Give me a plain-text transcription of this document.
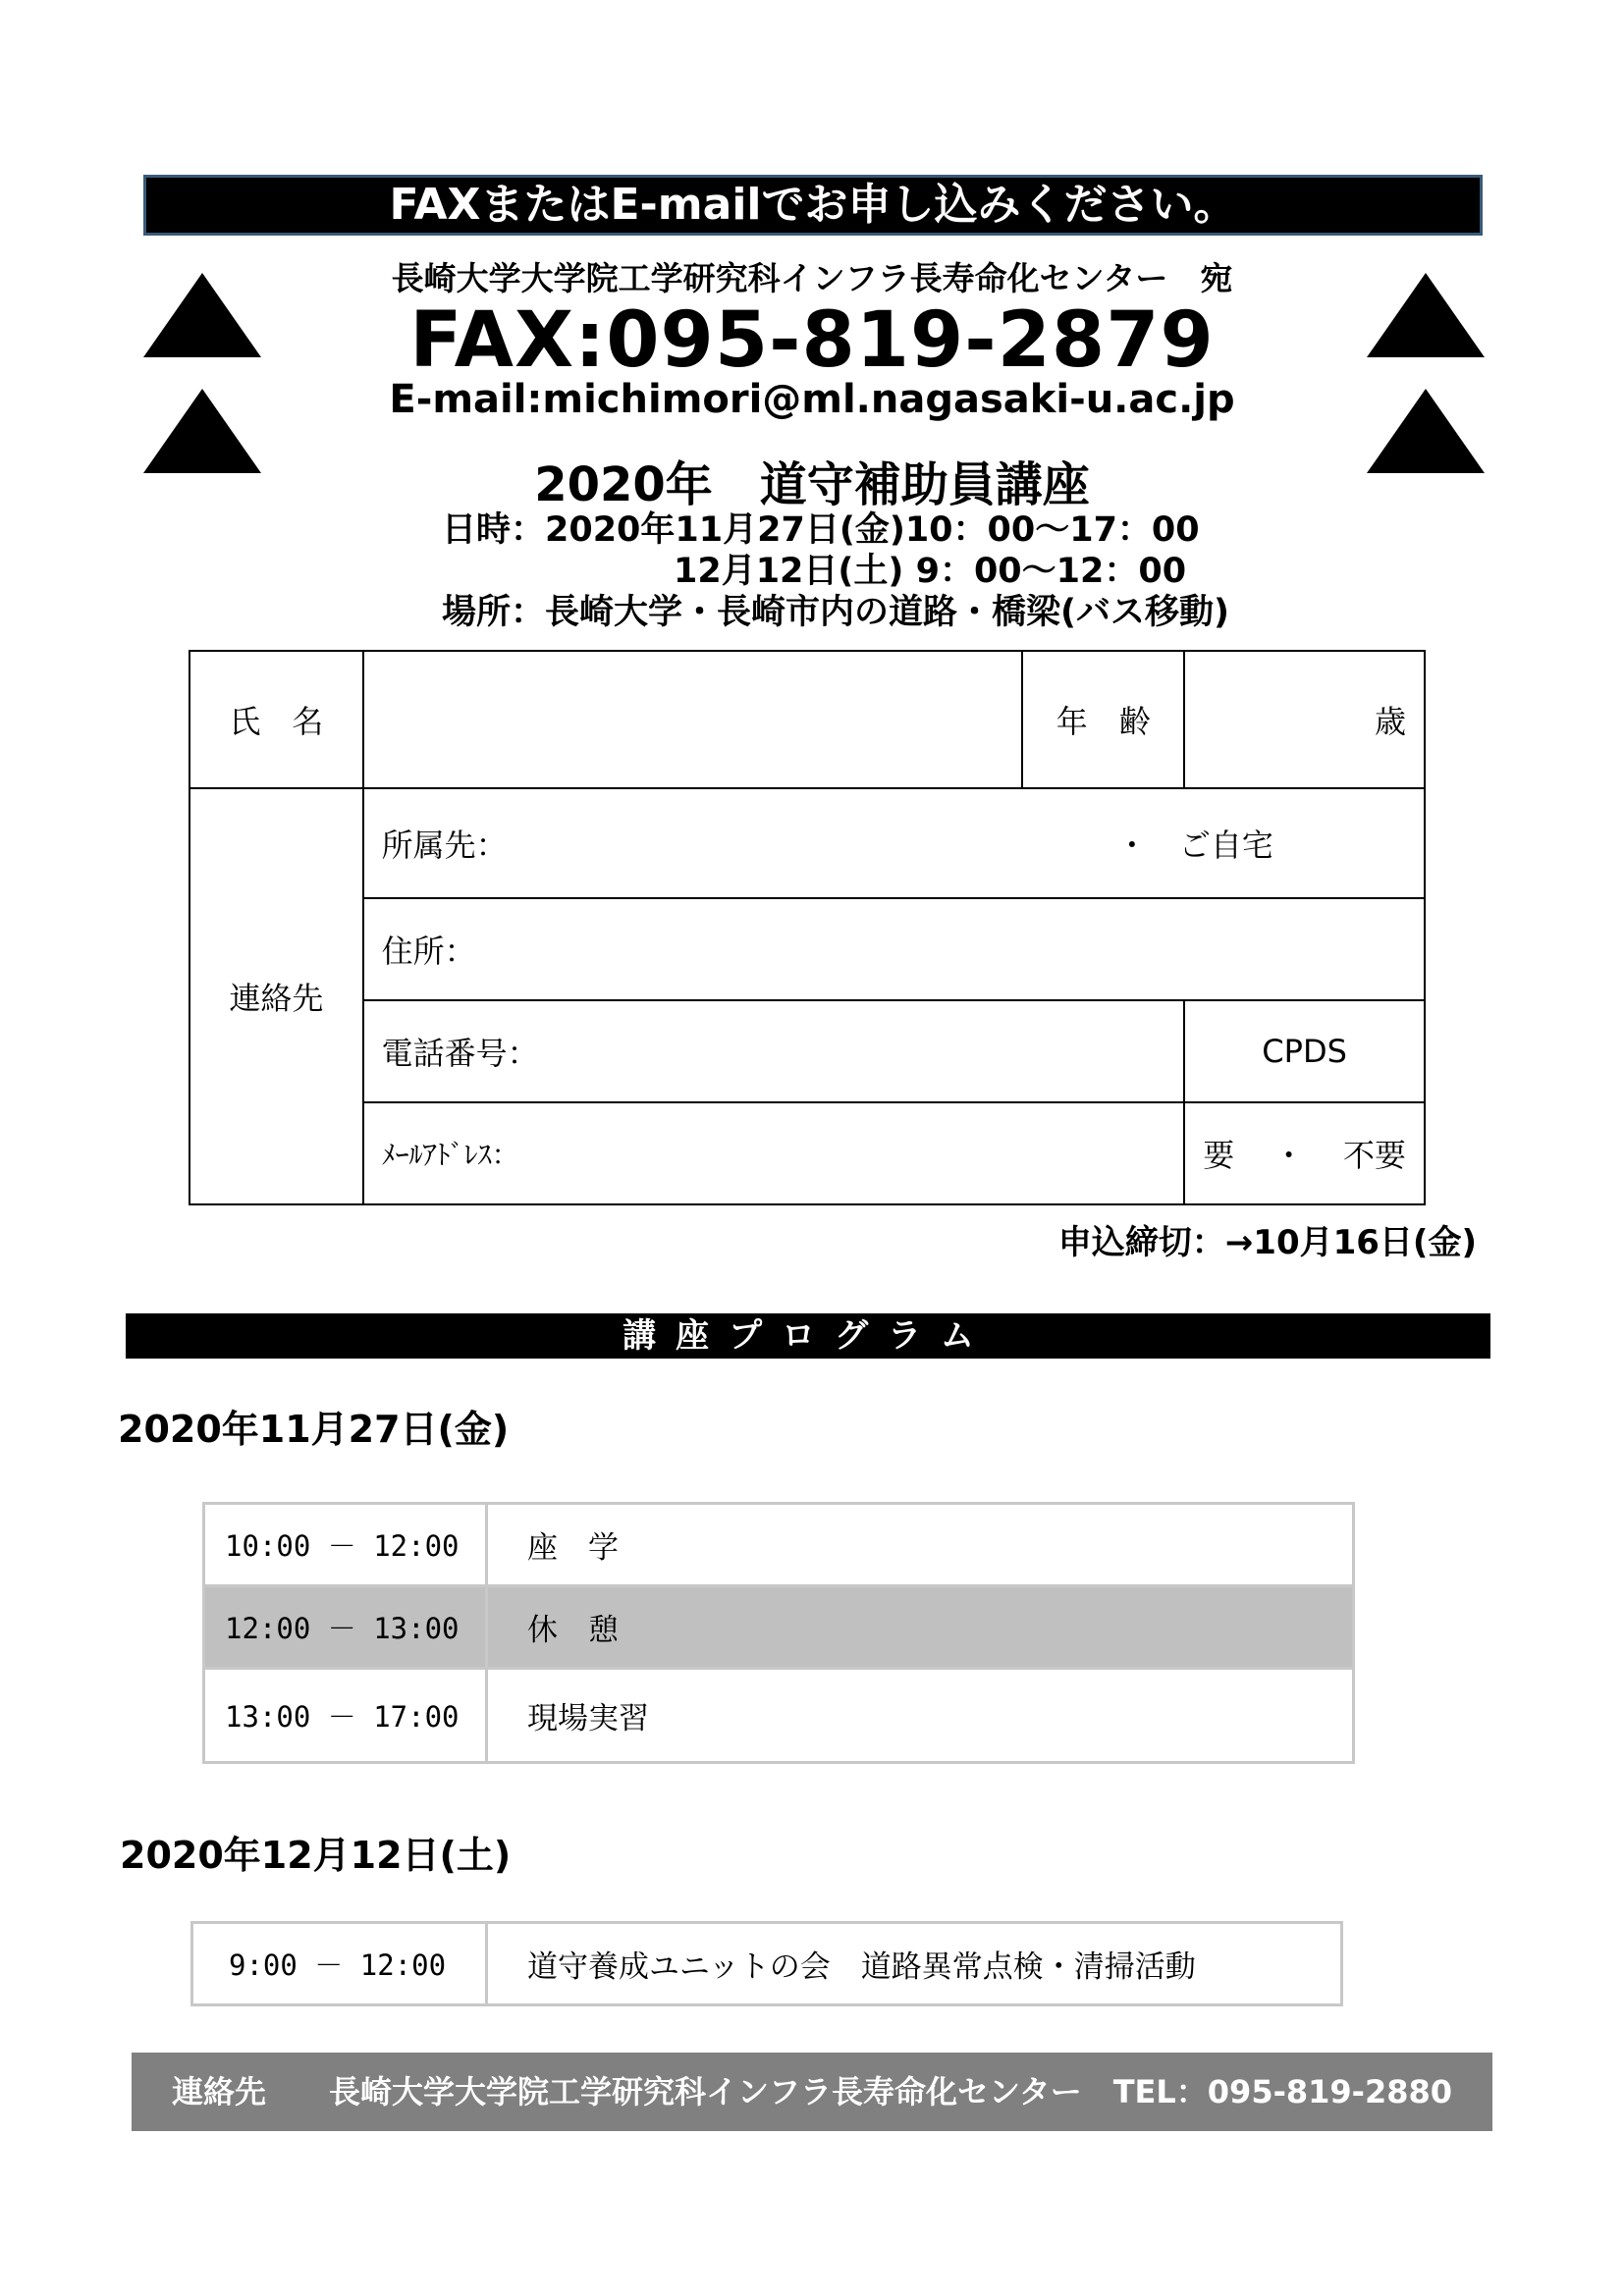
FAXまたはE-mailでお申し込みください。
長崎大学大学院工学研究科インフラ長寿命化センター　宛
FAX:095-819-2879
E-mail:michimori@ml.nagasaki-u.ac.jp
2020年　道守補助員講座
日時：2020年11月27日(金)10：00～17：00
12月12日(土) 9：00～12：00
場所：長崎大学・長崎市内の道路・橋梁(バス移動)
氏　名		年　齢	歳
連絡先	所属先： ・　ご自宅		
	住所：		
	電話番号：		CPDS
	ﾒｰﾙｱﾄﾞﾚｽ：		要 ・ 不要
申込締切：→10月16日(金)
講座プログラム
2020年11月27日(金)
10:00 － 12:00	座　学
12:00 － 13:00	休　憩
13:00 － 17:00	現場実習
2020年12月12日(土)
9:00 － 12:00	道守養成ユニットの会　道路異常点検・清掃活動
連絡先　　長崎大学大学院工学研究科インフラ長寿命化センター　TEL：095-819-2880
